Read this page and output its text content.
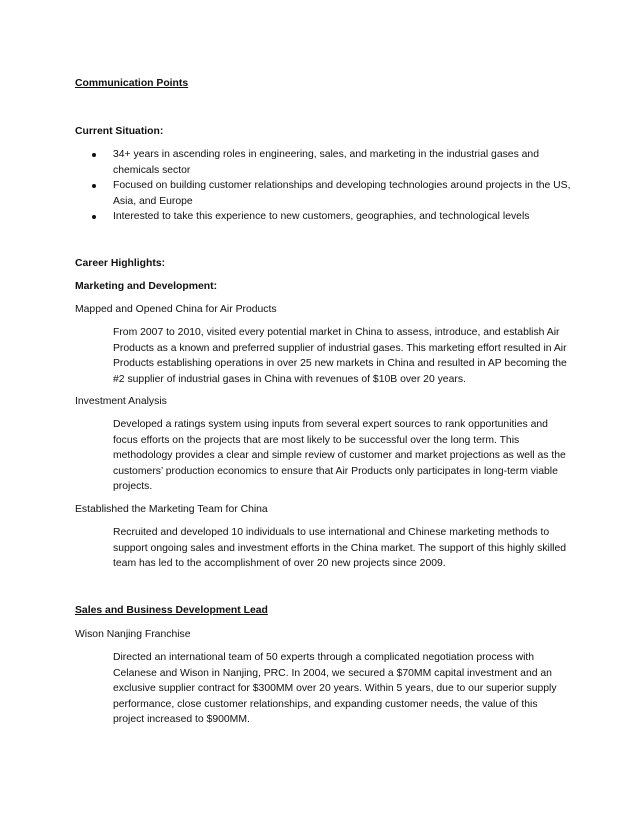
Communication Points
Current Situation:
34+ years in ascending roles in engineering, sales, and marketing in the industrial gases and chemicals sector
Focused on building customer relationships and developing technologies around projects in the US, Asia, and Europe
Interested to take this experience to new customers, geographies, and technological levels
Career Highlights:
Marketing and Development:
Mapped and Opened China for Air Products
From 2007 to 2010, visited every potential market in China to assess, introduce, and establish Air Products as a known and preferred supplier of industrial gases. This marketing effort resulted in Air Products establishing operations in over 25 new markets in China and resulted in AP becoming the #2 supplier of industrial gases in China with revenues of $10B over 20 years.
Investment Analysis
Developed a ratings system using inputs from several expert sources to rank opportunities and focus efforts on the projects that are most likely to be successful over the long term. This methodology provides a clear and simple review of customer and market projections as well as the customers’ production economics to ensure that Air Products only participates in long-term viable projects.
Established the Marketing Team for China
Recruited and developed 10 individuals to use international and Chinese marketing methods to support ongoing sales and investment efforts in the China market. The support of this highly skilled team has led to the accomplishment of over 20 new projects since 2009.
Sales and Business Development Lead
Wison Nanjing Franchise
Directed an international team of 50 experts through a complicated negotiation process with Celanese and Wison in Nanjing, PRC. In 2004, we secured a $70MM capital investment and an exclusive supplier contract for $300MM over 20 years. Within 5 years, due to our superior supply performance, close customer relationships, and expanding customer needs, the value of this project increased to $900MM.
